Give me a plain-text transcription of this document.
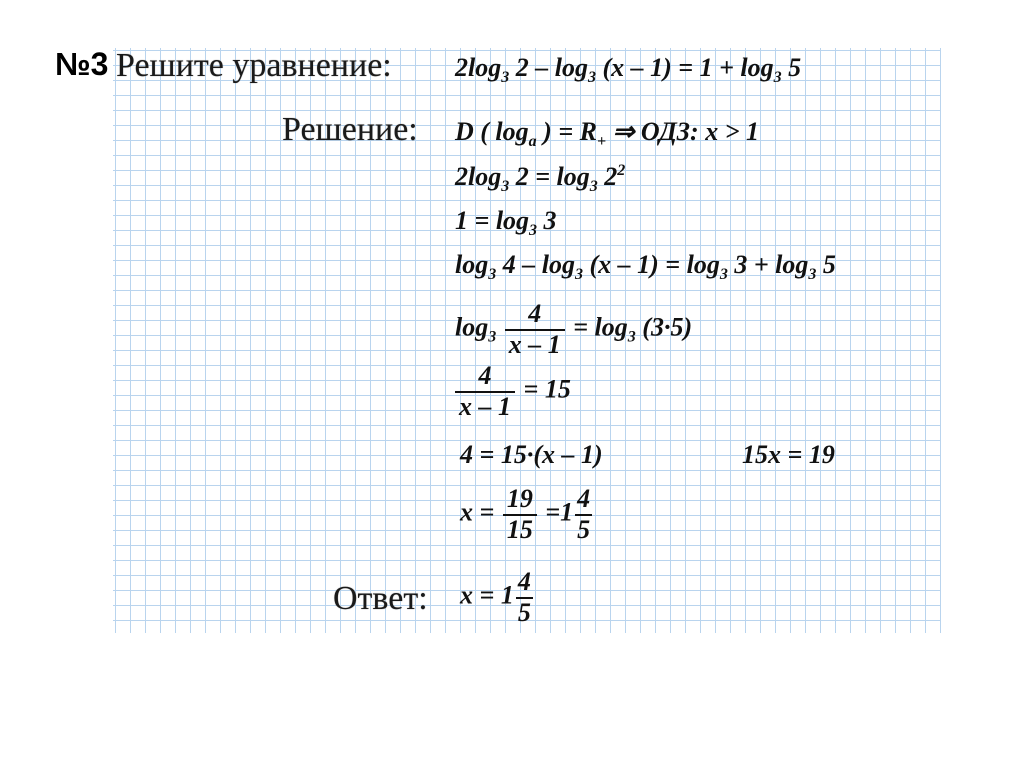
№3 Решите уравнение: $2\log_3$ $2 - \log_3 (x - 1) = 1 + \log_3 5$
Решение: D ( $\log_a$ ) = $R_+$ ⇒ ОДЗ: x > 1
$2\log_3$ $2 = \log_3 2^2$
$1 = \log_3 3$
$\log_3 4 - \log_3 (x - 1) = \log_3 3 + \log_3 5$
$\log_3 \frac{4}{x - 1} = \log_3 (3\cdot 5)$
$\frac{4}{x - 1} = 15$
4 = 15·(x – 1)	15x = 19
$x = \frac{19}{15} =1 \frac{4}{5}$
Ответ: $x = 1 \frac{4}{5}$
